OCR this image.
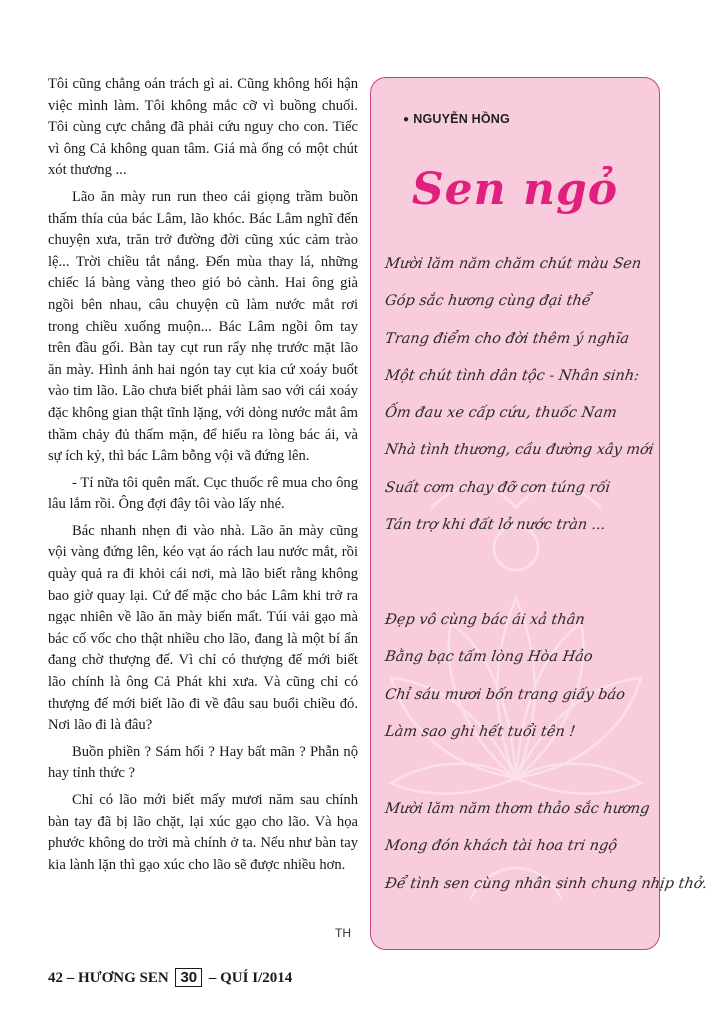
Tôi cũng chẳng oán trách gì ai. Cũng không hối hận việc mình làm. Tôi không mắc cỡ vì buồng chuối. Tôi cùng cực chẳng đã phải cứu nguy cho con. Tiếc vì ông Cả không quan tâm. Giá mà ổng có một chút xót thương ...

Lão ăn mày run run theo cái giọng trầm buồn thấm thía của bác Lâm, lão khóc. Bác Lâm nghĩ đến chuyện xưa, trăn trở đường đời cũng xúc cảm trào lệ... Trời chiều tắt nắng. Đến mùa thay lá, những chiếc lá bàng vàng theo gió bỏ cành. Hai ông già ngồi bên nhau, câu chuyện cũ làm nước mắt rơi trong chiều xuống muộn... Bác Lâm ngồi ôm tay trên đầu gối. Bàn tay cụt run rẩy nhẹ trước mặt lão ăn mày. Hình ảnh hai ngón tay cụt kia cứ xoáy buốt vào tim lão. Lão chưa biết phải làm sao với cái xoáy đặc không gian thật tĩnh lặng, với dòng nước mắt âm thầm chảy đủ thấm mặn, để hiểu ra lòng bác ái, và sự ích kỷ, thì bác Lâm bỗng vội vã đứng lên.

- Tí nữa tôi quên mất. Cục thuốc rê mua cho ông lâu lắm rồi. Ông đợi đây tôi vào lấy nhé.

Bác nhanh nhẹn đi vào nhà. Lão ăn mày cũng vội vàng đứng lên, kéo vạt áo rách lau nước mắt, rồi quày quả ra đi khỏi cái nơi, mà lão biết rằng không bao giờ quay lại. Cứ để mặc cho bác Lâm khi trở ra ngạc nhiên về lão ăn mày biến mất. Túi vải gạo mà bác cố vốc cho thật nhiều cho lão, đang là một bí ẩn đang chờ thượng đế. Vì chỉ có thượng đế mới biết lão chính là ông Cả Phát khi xưa. Và cũng chỉ có thượng đế mới biết lão đi về đâu sau buổi chiều đó. Nơi lão đi là đâu?

Buồn phiền ? Sám hối ? Hay bất mãn ? Phẫn nộ hay tỉnh thức ?

Chỉ có lão mới biết mấy mươi năm sau chính bàn tay đã bị lão chặt, lại xúc gạo cho lão. Và họa phước không do trời mà chính ở ta. Nếu như bàn tay kia lành lặn thì gạo xúc cho lão sẽ được nhiều hơn.

TH
● NGUYỄN HỒNG
Sen ngỏ
Mười lăm năm chăm chút màu Sen
Góp sắc hương cùng đại thể
Trang điểm cho đời thêm ý nghĩa
Một chút tình dân tộc - Nhân sinh:
Ốm đau xe cấp cứu, thuốc Nam
Nhà tình thương, cầu đường xây mới
Suất cơm chay đỡ cơn túng rối
Tán trợ khi đất lở nước tràn ...
Đẹp vô cùng bác ái xả thân
Bằng bạc tấm lòng Hòa Hảo
Chỉ sáu mươi bốn trang giấy báo
Làm sao ghi hết tuổi tên !
Mười lăm năm thơm thảo sắc hương
Mong đón khách tài hoa tri ngộ
Để tình sen cùng nhân sinh chung nhịp thở.
42 – HƯƠNG SEN 30 – QUÍ I/2014
